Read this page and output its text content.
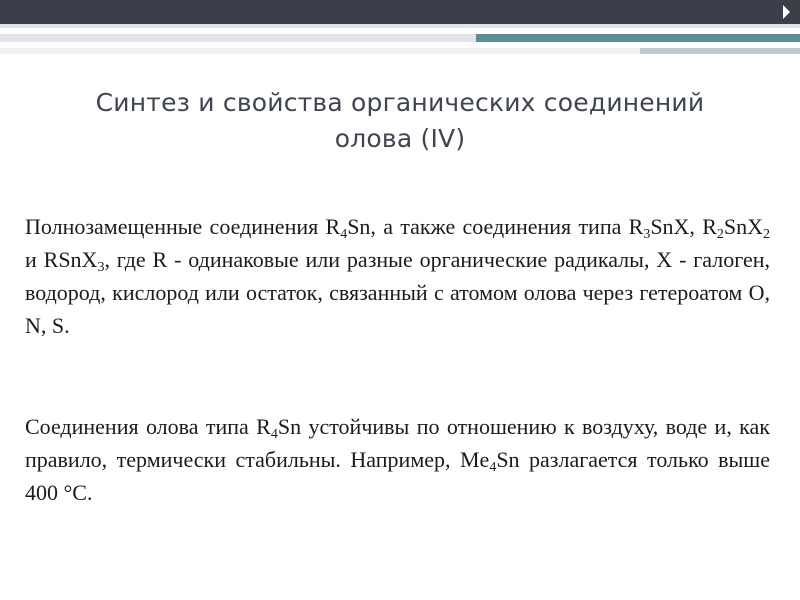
Синтез и свойства органических соединений
олова (IV)

Полнозамещенные соединения $R_4Sn$, а также соединения типа $R_3SnX$, $R_2SnX_2$ и RSnX$_3$, где R - одинаковые или разные органические радикалы, X - галоген, водород, кислород или остаток, связанный с атомом олова через гетероатом O, N, S.

Соединения олова типа $R_4Sn$ устойчивы по отношению к воздуху, воде и, как правило, термически стабильны. Например, $Me_4Sn$ разлагается только выше 400 °С.
